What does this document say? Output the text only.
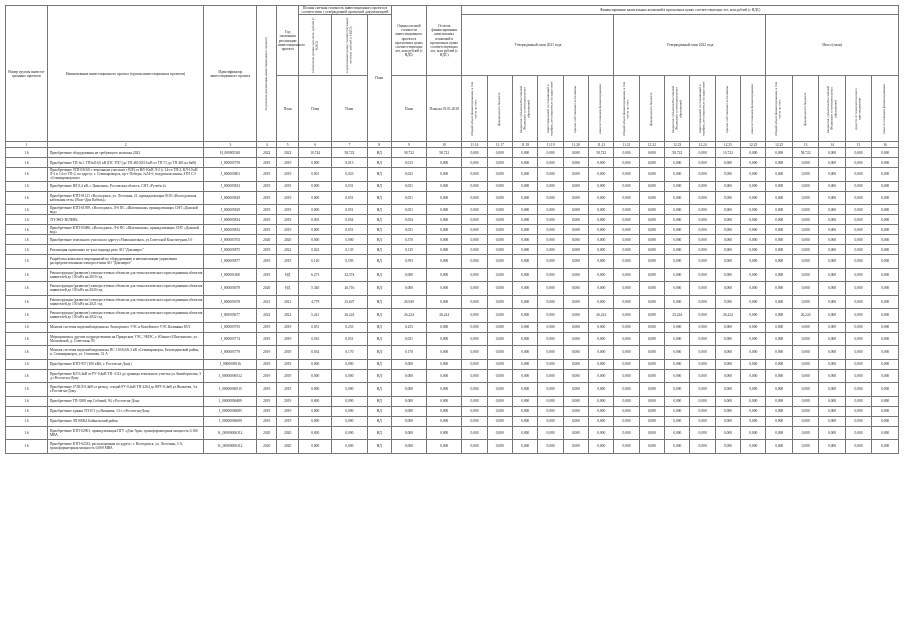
Номер группы инвести-ционных проектов	Наименование инвестиционного проекта (группы инвестиционных проектов)	Идентификатор инвестиционного проекта	Год начала реализации инвестиционного проекта	Год окончания реализации инвестиционного проекта	Полная сметная стоимость инвестиционного проекта в соответствии с утвержденной проектной документацией			Оценка полной стоимости инвестиционного проекта в прогнозных ценах соответствующих лет, млн рублей (с НДС)	Остаток финансирования капитальных вложений в прогнозных ценах соответствующих лет, млн рублей (с НДС)	Финансирование капитальных вложений в прогнозных ценах соответствующих лет, млн рублей (с НДС)																

					в базисном уровне цен (млн. рублей (с НДС))	в прогнозных ценах соответствующих лет (млн. рублей (с НДС))	План			Утвержденный план 2021 года						Утвержденный план 2022 года						Итого (план)				
				План	План	План		План	План на 01.01.2018	Общий объем финансирования, в том числе за счет:	федерального бюджета	бюджетов субъектов Российской Федерации и муниципальных образований	инвестиционной составляющей в тарифах, регулируемых государством	прочих собственных источников	иных источников финансирования	Общий объем финансирования, в том числе за счет:	федерального бюджета	бюджетов субъектов Российской Федерации и муниципальных образований	инвестиционной составляющей в тарифах, регулируемых государством	прочих собственных источников	иных источников финансирования	Общий объем финансирования, в том числе за счет:	федерального бюджета	бюджетов субъектов Российской Федерации и муниципальных образований	средств от технологического присоединения	иных источников финансирования

1	2	3	4	5	6	7	8	9	10	11.16	11.17	11.18	11.19	11.20	11.21	11.21	12.22	12.23	12.24	12.25	12.25	12.25	13	14	15	16
1.6	Приобретение оборудования не требующего монтажа 2022	Н_000005361	2022	2022	10,744	58,722	НД	58,722	58,722	0,000	0,000	0,000	0,000	0,000	58,722	0,000	0,000	58,722	0,000	10,722	0,000	0,000	58,722	0,000	0,000	0,000
1.6	Приобретение ТП-№1, ТП№8 6,0 кВ (ПС ТП7 (до ТП 465 ЮЗ 6 кВ от ТП 71 до ТП 465 кл 6кВ)	J_000005759	2019	2019	0,000	0,013	НД	0,013	0,000	0,000	0,000	0,000	0,000	0,000	0,000	0,000	0,000	0,000	0,000	0,000	0,000	0,000	0,000	0,000	0,000	0,000
1.6	Приобретение ЗТП-0/6/60 с земельным участком с ВЛЗ от ВЛ-10кВ Л-2 (с 14-се ТП-2, КЛ-10 кВ Л-2 и 14 от ТП-2, по адресу: г. Семикаракорск, пр-т Победы, №54-б, воздушная линия, ЗТП СЭ «Семикаракорские»	J_000005801	2019	2019	0,001	0,023	НД	0,023	0,000	0,000	0,000	0,000	0,000	0,000	0,000	0,000	0,000	0,000	0,000	0,000	0,000	0,000	0,000	0,000	0,000	0,000
1.6	Приобретение ВЛ 0,4 кВ, г. Цимлянск, Ростовская область, СНТ «Ручеёк-2»	J_000005823	2019	2019	0,000	0,031	НД	0,031	0,000	0,000	0,000	0,000	0,000	0,000	0,000	0,000	0,000	0,000	0,000	0,000	0,000	0,000	0,000	0,000	0,000	0,000
1.6	Приобретение КТП-01121 г.Волгодонск, ул. Лесочная, 21, принадлежащая ООО «Волгодонская кабельная сеть» (Волг-Дон Кабель)»	J_000005829	2019	2019	0,000	0,051	НД	0,051	0,000	0,000	0,000	0,000	0,000	0,000	0,000	0,000	0,000	0,000	0,000	0,000	0,000	0,000	0,000	0,000	0,000	0,000
1.6	Приобретение КТП-01959, г.Волгодонск, Л-6 ПС «Шахтинская» принадлежащих СНТ «Донской вод»	J_000005829	2019	2019	0,000	0,051	НД	0,051	0,000	0,000	0,000	0,000	0,000	0,000	0,000	0,000	0,000	0,000	0,000	0,000	0,000	0,000	0,000	0,000	0,000	0,000
1.6	ТП-ЭКО-ЗЕЛЕНЬ	J_000005834	2019	2019	0,003	0,054	НД	0,054	0,000	0,000	0,000	0,000	0,000	0,000	0,000	0,000	0,000	0,000	0,000	0,000	0,000	0,000	0,000	0,000	0,000	0,000
1.6	Приобретение КТП-03086, г.Волгодонск, Л-6 ПС «Шахтинская», принадлежащих СНТ «Донской вод»	J_000005832	2019	2019	0,000	0,051	НД	0,051	0,000	0,000	0,000	0,000	0,000	0,000	0,000	0,000	0,000	0,000	0,000	0,000	0,000	0,000	0,000	0,000	0,000	0,000
1.6	Приобретение земельного участка по адресу г.Новошахтинск, ул.Советской Конституции,5 б	J_000005703	2020	2020	0,000	0,000	НД	0,370	0,000	0,000	0,000	0,000	0,000	0,000	0,000	0,000	0,000	0,000	0,000	0,000	0,000	0,000	0,000	0,000	0,000	0,000
1.6	Реализация оценочных пт-р на подкорд реле АО "Донэнерго"	J_000005875	2019	2022	0,022	0,135	НД	0,135	0,000	0,000	0,000	0,000	0,000	0,000	0,000	0,000	0,000	0,000	0,000	0,000	0,000	0,000	0,000	0,000	0,000	0,000
1.6	Разработка комплекса мероприятий по оборудованию и автоматизации управления распределительными электросетями АО "Донэнерго"	J_000005877	2019	2019	0,120	0,593	НД	0,593	0,000	0,000	0,000	0,000	0,000	0,000	0,000	0,000	0,000	0,000	0,000	0,000	0,000	0,000	0,000	0,000	0,000	0,000
1.6	Реконструкция (развитие) электросетевых объектов для технологического присоединения объектов заявителей до 150 кВт на 2019 год	J_000001600	2019	НД	6,273	32,374	НД	0,000	0,000	0,000	0,000	0,000	0,000	0,000	0,000	0,000	0,000	0,000	0,000	0,000	0,000	0,000	0,000	0,000	0,000	0,000
1.6	Реконструкция (развитие) электросетевых объектов для технологического присоединения объектов заявителей до 150 кВт на 2020 год	J_000005679	2020	НД	5,340	26,716	НД	0,000	0,000	0,000	0,000	0,000	0,000	0,000	0,000	0,000	0,000	0,000	0,000	0,000	0,000	0,000	0,000	0,000	0,000	0,000
1.6	Реконструкция (развитие) электросетевых объектов для технологического присоединения объектов заявителей до 150 кВт на 2021 год	J_000005678	2021	2021	4,779	23,647	НД	26,949	0,000	0,000	0,000	0,000	0,000	0,000	0,000	0,000	0,000	0,000	0,000	0,000	0,000	0,000	0,000	0,000	0,000	0,000
1.6	Реконструкция (развитие) электросетевых объектов для технологического присоединения объектов заявителей до 150 кВт на 2022 год	I_000005677	2022	2022	5,241	26,224	НД	26,224	26,224	0,000	0,000	0,000	0,000	0,000	26,224	0,000	0,000	25,224	0,000	26,224	0,000	0,000	26,224	0,000	0,000	0,000
1.6	Монтаж системы видеонаблюдения на Экспортного УЭС и Копейского УЭС Калинина 85/3	J_000005793	2019	2019	0,051	0,253	НД	0,253	0,000	0,000	0,000	0,000	0,000	0,000	0,000	0,000	0,000	0,000	0,000	0,000	0,000	0,000	0,000	0,000	0,000	0,000
1.6	Мероприятия к другим подразделениям на Приорском УЭС, ЭМЭС, г. Южного Шахтинских, ул. Московской, д. Советская, 85	J_000005774	2019	2019	0,010	0,051	НД	0,051	0,000	0,000	0,000	0,000	0,000	0,000	0,000	0,000	0,000	0,000	0,000	0,000	0,000	0,000	0,000	0,000	0,000	0,000
1.6	Монтаж системы видеонаблюдения на ПС 110/6,6/6,3 кВ «Семикаракорск, Беловодинский район, п. Семикаракорск, ул. Семенова, 31 А	J_000005779	2019	2019	0,034	0,170	НД	0,170	0,000	0,000	0,000	0,000	0,000	0,000	0,000	0,000	0,000	0,000	0,000	0,000	0,000	0,000	0,000	0,000	0,000	0,000
1.6	Приобретение КТП-957 (100 кВА, г. Ростов-на-Дону)	J_0000006516	2019	2019	0,000	0,000	НД	0,000	0,000	0,000	0,000	0,000	0,000	0,000	0,000	0,000	0,000	0,000	0,000	0,000	0,000	0,000	0,000	0,000	0,000	0,000
1.6	Приобретение КЛ 0,4кВ от РУ-0,4кВ ТП -3112 до границы земельного участка ул.Авиаборисова, 3 д г.Ростов-на-Дону	J_00000006512	2019	2019	0,000	0,000	НД	0,000	0,000	0,000	0,000	0,000	0,000	0,000	0,000	0,000	0,000	0,000	0,000	0,000	0,000	0,000	0,000	0,000	0,000	0,000
1.6	Приобретение 4*2КЛ-0,4кВ от разъед. секций РУ-0,4кВ ТП-2264 до ВРУ-0,4кВ ул.Яковлева, 3 в г.Ростов-на-Дону	J_00000006515	2019	2019	0,000	0,000	НД	0,000	0,000	0,000	0,000	0,000	0,000	0,000	0,000	0,000	0,000	0,000	0,000	0,000	0,000	0,000	0,000	0,000	0,000	0,000
1.6	Приобретение ТП-3388 пер.Собачий, 94, г.Ростов-на-Дону	J_00000006489	2019	2019	0,000	0,000	НД	0,000	0,000	0,000	0,000	0,000	0,000	0,000	0,000	0,000	0,000	0,000	0,000	0,000	0,000	0,000	0,000	0,000	0,000	0,000
1.6	Приобретение здания ТП-671 ул.Вишнева, 13 г. г.Ростов-на-Дону	J_00000006085	2019	2019	0,000	0,000	НД	0,000	0,000	0,000	0,000	0,000	0,000	0,000	0,000	0,000	0,000	0,000	0,000	0,000	0,000	0,000	0,000	0,000	0,000	0,000
1.6	Приобретение ЗП 000Б4 Байкальский район	J_00000006099	2019	2019	0,000	0,000	НД	0,000	0,000	0,000	0,000	0,000	0,000	0,000	0,000	0,000	0,000	0,000	0,000	0,000	0,000	0,000	0,000	0,000	0,000	0,000
1.6	Приобретение КТП-02901, принадлежащая ПГУ «Дон-Арм» трансформаторная мощность 0,160 МВА	K_00000006312	2020	2020	0,000	0,000	НД	0,000	0,000	0,000	0,000	0,000	0,000	0,000	0,000	0,000	0,000	0,000	0,000	0,000	0,000	0,000	0,000	0,000	0,000	0,000
1.6	Приобретение КТП-02333, расположенная по адресу: г. Волгодонск, ул. Лесочная, 3 А, трансформаторная мощность 0,069 МВА	K_00000006312	2020	2020	0,000	0,000	НД	0,000	0,000	0,000	0,000	0,000	0,000	0,000	0,000	0,000	0,000	0,000	0,000	0,000	0,000	0,000	0,000	0,000	0,000	0,000
